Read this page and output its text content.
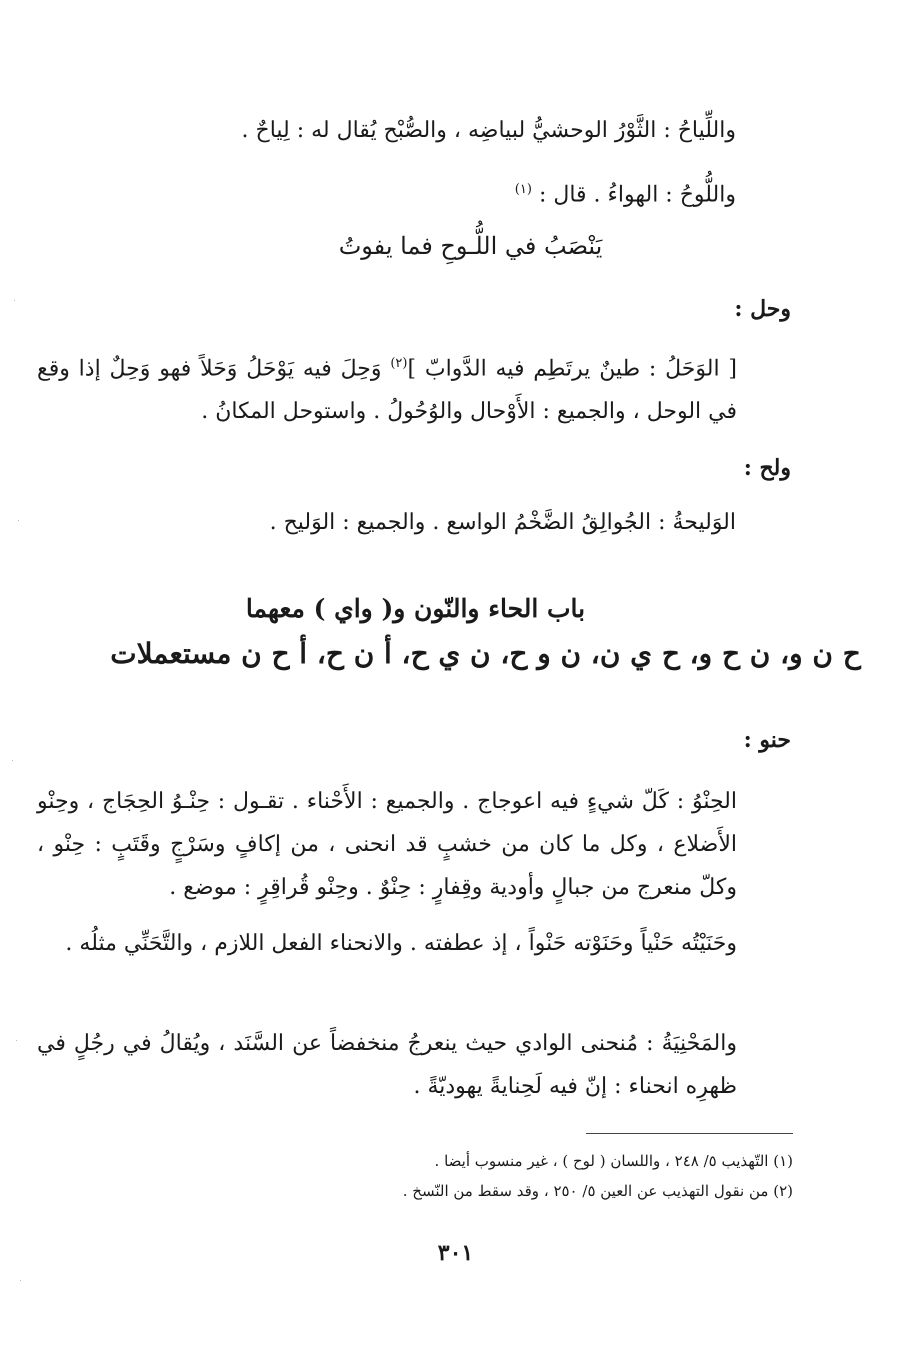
واللِّياحُ : الثَّوْرُ الوحشيُّ لبياضِه ، والصُّبْح يُقال له : لِياحٌ .
واللُّوحُ : الهواءُ . قال : $^{(١)}$
يَنْصَبُ في اللُّـوحِ فما يفوتُ
وحل :
[ الوَحَلُ : طينٌ يرتَطِم فيه الدَّوابّ ]$^{(٢)}$ وَحِلَ فيه يَوْحَلُ وَحَلاً فهو وَحِلٌ إذا وقع في الوحل ، والجميع : الأَوْحال والوُحُولُ . واستوحل المكانُ .
ولح :
الوَليحةُ : الجُوالِقُ الضَّخْمُ الواسع . والجميع : الوَليح .
باب الحاء والنّون و( واي ) معهما
ح ن و، ن ح و، ح ي ن، ن و ح، ن ي ح، أ ن ح، أ ح ن مستعملات
حنو :
الحِنْوُ : كَلّ شيءٍ فيه اعوجاج . والجميع : الأَحْناء . تقـول : حِنْـوُ الحِجَاج ، وحِنْو الأَضلاع ، وكل ما كان من خشبٍ قد انحنى ، من إكافٍ وسَرْجٍ وقَتَبٍ : حِنْو ، وكلّ منعرج من جبالٍ وأودية وقِفارٍ : حِنْوٌ . وحِنْو قُراقِرٍ : موضع .
وحَنَيْتُه حَنْياً وحَنَوْته حَنْواً ، إذ عطفته . والانحناء الفعل اللازم ، والتَّحَنِّي مثلُه .
والمَحْنِيَةُ : مُنحنى الوادي حيث ينعرجُ منخفضاً عن السَّنَد ، ويُقالُ في رجُلٍ في ظهرِه انحناء : إنّ فيه لَحِنايةً يهوديّةً .
(١) التّهذيب ٥/ ٢٤٨ ، واللسان ( لوح ) ، غير منسوب أيضا .
(٢) من نقول التهذيب عن العين ٥/ ٢٥٠ ، وقد سقط من النّسخ .
٣٠١
